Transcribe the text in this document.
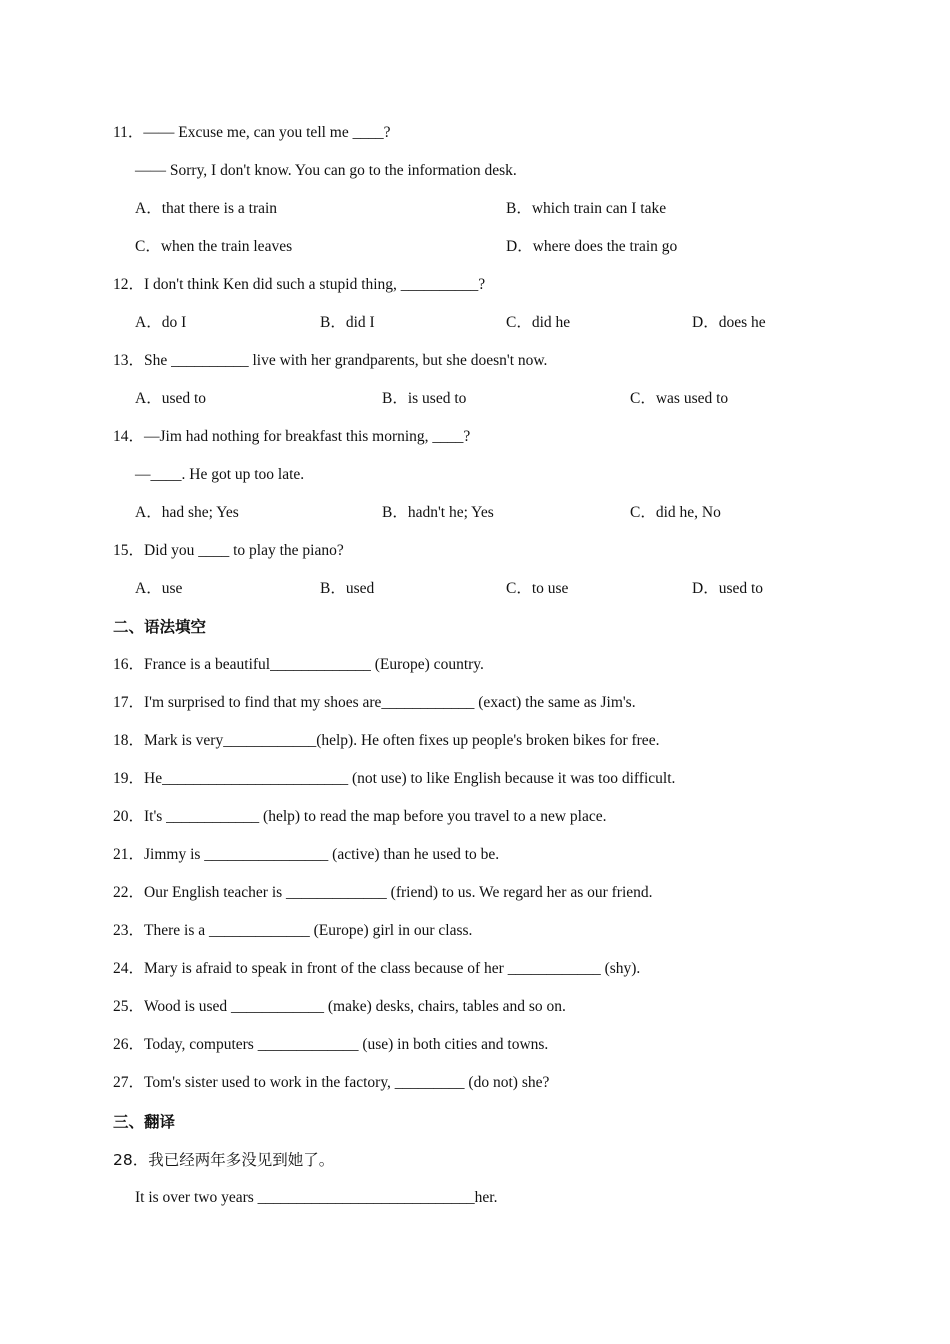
11．—— Excuse me, can you tell me ____?
—— Sorry, I don't know. You can go to the information desk.
A．that there is a train	B．which train can I take
C．when the train leaves	D．where does the train go
12．I don't think Ken did such a stupid thing, __________?
A．do I	B．did I	C．did he	D．does he
13．She __________ live with her grandparents, but she doesn't now.
A．used to	B．is used to	C．was used to
14．—Jim had nothing for breakfast this morning, ____?
—____. He got up too late.
A．had she; Yes	B．hadn't he; Yes	C．did he, No
15．Did you ____ to play the piano?
A．use	B．used	C．to use	D．used to
二、语法填空
16．France is a beautiful_____________ (Europe) country.
17．I'm surprised to find that my shoes are____________ (exact) the same as Jim's.
18．Mark is very____________(help). He often fixes up people's broken bikes for free.
19．He________________________ (not use) to like English because it was too difficult.
20．It's ____________ (help) to read the map before you travel to a new place.
21．Jimmy is ________________ (active) than he used to be.
22．Our English teacher is _____________ (friend) to us. We regard her as our friend.
23．There is a _____________ (Europe) girl in our class.
24．Mary is afraid to speak in front of the class because of her ____________ (shy).
25．Wood is used ____________ (make) desks, chairs, tables and so on.
26．Today, computers _____________ (use) in both cities and towns.
27．Tom's sister used to work in the factory, _________ (do not) she?
三、翻译
28．我已经两年多没见到她了。
It is over two years ____________________________her.
